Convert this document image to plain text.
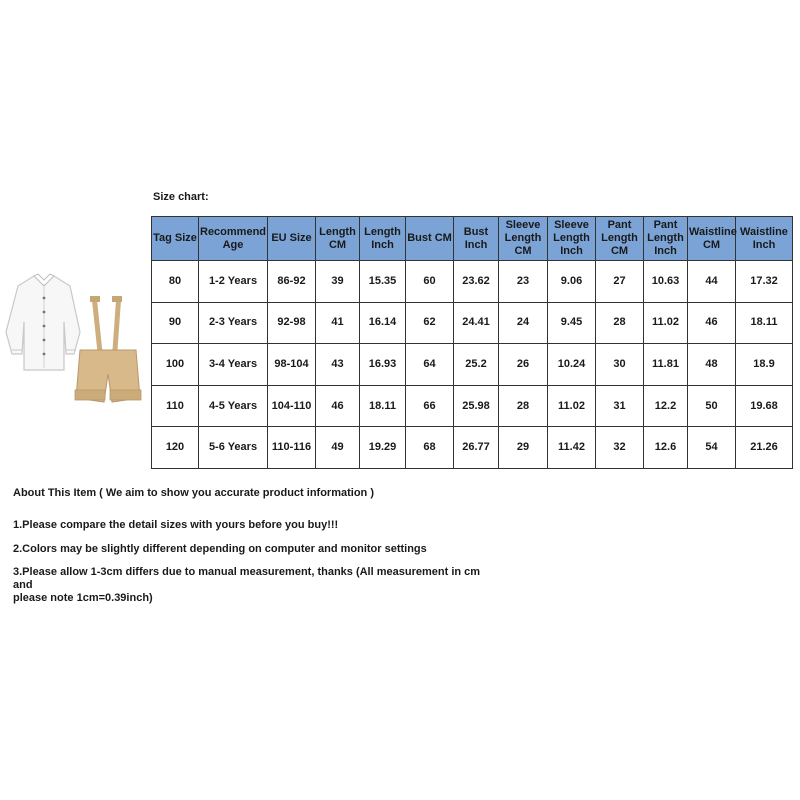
Size chart:
Tag Size	Recommend Age	EU Size	Length CM	Length Inch	Bust CM	Bust Inch	Sleeve Length CM	Sleeve Length Inch	Pant Length CM	Pant Length Inch	Waistline CM	Waistline Inch
80	1-2 Years	86-92	39	15.35	60	23.62	23	9.06	27	10.63	44	17.32
90	2-3 Years	92-98	41	16.14	62	24.41	24	9.45	28	11.02	46	18.11
100	3-4 Years	98-104	43	16.93	64	25.2	26	10.24	30	11.81	48	18.9
110	4-5 Years	104-110	46	18.11	66	25.98	28	11.02	31	12.2	50	19.68
120	5-6 Years	110-116	49	19.29	68	26.77	29	11.42	32	12.6	54	21.26
About This Item ( We aim to show you accurate product information )
1.Please compare the detail sizes with yours before you buy!!!
2.Colors may be slightly different depending on computer and monitor settings
3.Please allow 1-3cm differs due to manual measurement, thanks (All measurement in cm     and
please note 1cm=0.39inch)
